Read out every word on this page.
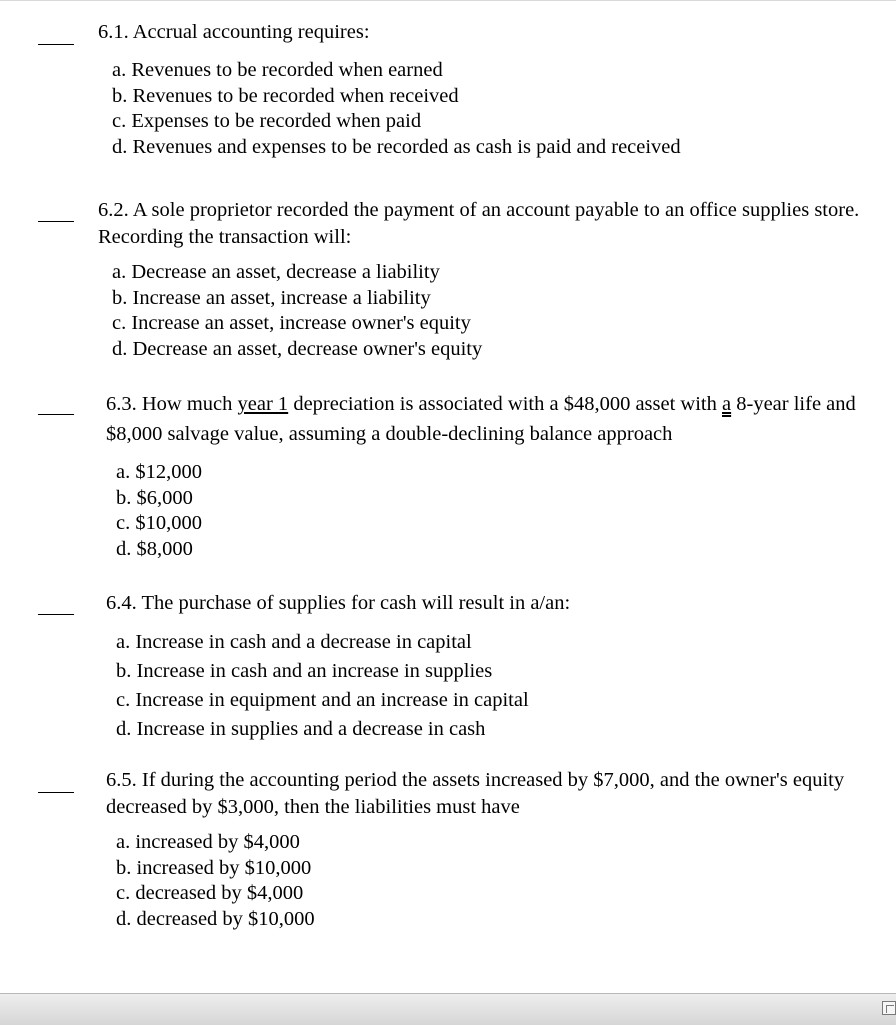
6.1. Accrual accounting requires:
a. Revenues to be recorded when earned
b. Revenues to be recorded when received
c. Expenses to be recorded when paid
d. Revenues and expenses to be recorded as cash is paid and received
6.2. A sole proprietor recorded the payment of an account payable to an office supplies store. Recording the transaction will:
a. Decrease an asset, decrease a liability
b. Increase an asset, increase a liability
c. Increase an asset, increase owner's equity
d. Decrease an asset, decrease owner's equity
6.3. How much year 1 depreciation is associated with a $48,000 asset with a 8-year life and $8,000 salvage value, assuming a double-declining balance approach
a. $12,000
b. $6,000
c. $10,000
d. $8,000
6.4. The purchase of supplies for cash will result in a/an:
a. Increase in cash and a decrease in capital
b. Increase in cash and an increase in supplies
c. Increase in equipment and an increase in capital
d. Increase in supplies and a decrease in cash
6.5. If during the accounting period the assets increased by $7,000, and the owner's equity decreased by $3,000, then the liabilities must have
a. increased by $4,000
b. increased by $10,000
c. decreased by $4,000
d. decreased by $10,000
